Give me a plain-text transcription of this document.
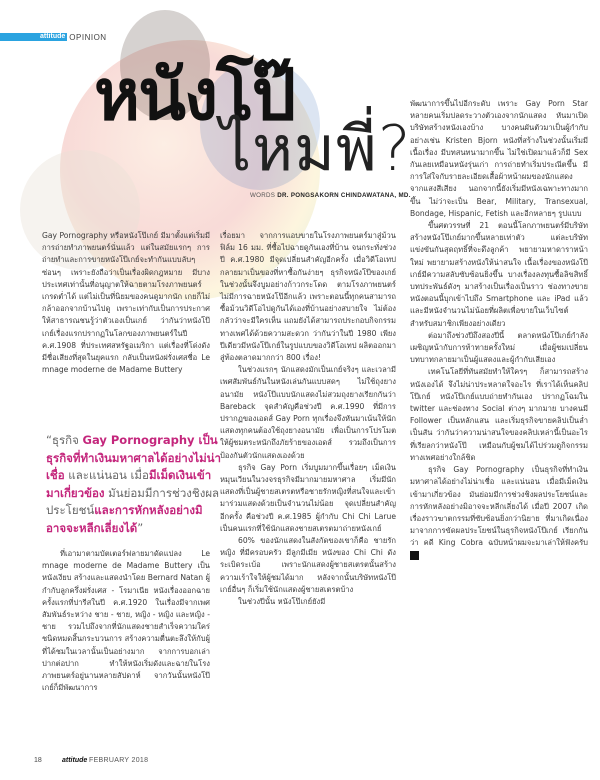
attitude OPINION
หนังโป๊
ไหมพี่?
WORDS DR. PONGSAKORN CHINDAWATANA, MD.

Gay Pornography หรือหนังโป๊เกย์ มีมาตั้งแต่เริ่มมีการถ่ายทำภาพยนตร์นั่นแล้ว แต่ในสมัยแรกๆ การถ่ายทำและการขายหนังโป๊เกย์จะทำกันแบบลับๆ ซ่อนๆ เพราะยังถือว่าเป็นเรื่องผิดกฎหมาย มีบางประเทศเท่านั้นที่อนุญาตให้ฉายตามโรงภาพยนตร์เกรดต่ำได้ แต่ไม่เป็นที่นิยมของคนดูมากนัก เกยก็ไม่กล้าออกจากบ้านไปดู เพราะเท่ากับเป็นการประกาศให้สาธารณชนรู้ว่าตัวเองเป็นเกย์ ว่ากันว่าหนังโป๊เกย์เรื่องแรกปรากฏในโลกของภาพยนตร์ในปี ค.ศ.1908 ที่ประเทศสหรัฐอเมริกา แต่เรื่องที่โด่งดังมีชื่อเสียงที่สุดในยุคแรก กลับเป็นหนังฝรั่งเศสชื่อ Le mnage moderne de Madame Buttery

“ธุรกิจ Gay Pornography เป็นธุรกิจที่ทำเงินมหาศาลได้อย่างไม่น่าเชื่อ และแน่นอน เมื่อมีเม็ดเงินเข้ามาเกี่ยวข้อง มันย่อมมีการช่วงชิงผลประโยชน์และการหักหลังอย่างมิอาจจะหลีกเลี่ยงได้”

ที่เอามาตามบัตเตอร์ฟลายมาดัดแปลง Le mnage moderne de Madame Buttery เป็นหนังเงียบ สร้างและแสดงนำโดย Bernard Natan ผู้กำกับลูกครึ่งฝรั่งเศส - โรมาเนีย หนังเรื่องออกฉายครั้งแรกที่ปารีสในปี ค.ศ.1920 ในเรื่องมีจากเพศสัมพันธ์ระหว่าง ชาย - ชาย, หญิง - หญิง และหญิง - ชาย รวมไปถึงจากที่นักแสดงชายสำเร็จความใคร่ชนิดหมดสิ้นกระบวนการ สร้างความตื่นตะลึงให้กับผู้ที่ได้ชมในเวลานั้นเป็นอย่างมาก จากการบอกเล่าปากต่อปาก ทำให้หนังเริ่มดังและฉายในโรงภาพยนตร์อยู่นานหลายสัปดาห์ จากวันนั้นหนังโป๊เกย์ก็มีพัฒนาการ

เรื่อยมา จากการแอบขายในโรงภาพยนตร์มาสู่ม้วนฟิล์ม 16 มม. ที่ซื้อไปฉายดูกันเองที่บ้าน จนกระทั่งช่วงปี ค.ศ.1980 มีจุดเปลี่ยนสำคัญอีกครั้ง เมื่อวิดีโอเทปกลายมาเป็นของที่หาซื้อกันง่ายๆ ธุรกิจหนังโป๊ของเกย์ในช่วงนั้นจึงบูมอย่างก้าวกระโดด ตามโรงภาพยนตร์ไม่มีการฉายหนังโป๊อีกแล้ว เพราะตอนนี้ทุกคนสามารถซื้อม้วนวิดีโอไปดูกันได้เองที่บ้านอย่างสบายใจ ไม่ต้องกลัวว่าจะมีใครเห็น แถมยังได้สามารถประกอบกิจกรรมทางเพศได้ด้วยความสะดวก ว่ากันว่าในปี 1980 เพียงปีเดียวมีหนังโป๊เกย์ในรูปแบบของวิดีโอเทป ผลิตออกมาสู่ท้องตลาดมากกว่า 800 เรื่อง!

ในช่วงแรกๆ นักแสดงมักเป็นเกย์จริงๆ และเวลามีเพศสัมพันธ์กันในหนังเล่นกันแบบสดๆ ไม่ใช้ถุงยางอนามัย หนังโป๊แบบนักแสดงไม่สวมถุงยางเรียกกันว่า Bareback จุดสำคัญคือช่วงปี ค.ศ.1990 ที่มีการปรากฏของเอดส์ Gay Porn ทุกเรื่องจึงหันมาเน้นให้นักแสดงทุกคนต้องใช้ถุงยางอนามัย เพื่อเป็นการโปรโมตให้ผู้ชมตระหนักถึงภัยร้ายของเอดส์ รวมถึงเป็นการป้องกันตัวนักแสดงเองด้วย

ธุรกิจ Gay Porn เริ่มบูมมากขึ้นเรื่อยๆ เม็ดเงินหมุนเวียนในวงจรธุรกิจมีมากมายมหาศาล เริ่มมีนักแสดงที่เป็นผู้ชายสเตรตหรือชายรักหญิงที่สนใจและเข้ามาร่วมแสดงด้วยเป็นจำนวนไม่น้อย จุดเปลี่ยนสำคัญอีกครั้ง คือช่วงปี ค.ศ.1985 ผู้กำกับ Chi Chi Larue เป็นคนแรกที่ใช้นักแสดงชายสเตรตมาถ่ายหนังเกย์

60% ของนักแสดงในสังกัดของเขาก็คือ ชายรักหญิง ที่มีครอบครัว มีลูกมีเมีย หนังของ Chi Chi ดังระเบิดระเบ้อ เพราะนักแสดงผู้ชายสเตรตนั้นสร้างความเร้าใจให้ผู้ชมได้มาก หลังจากนั้นบริษัทหนังโป๊เกย์อื่นๆ ก็เริ่มใช้นักแสดงผู้ชายสเตรตบ้าง

ในช่วงปีนั้น หนังโป๊เกย์ยังมี

พัฒนาการขึ้นไปอีกระดับ เพราะ Gay Porn Star หลายคนเริ่มปลดระวางตัวเองจากนักแสดง หันมาเปิดบริษัทสร้างหนังเองบ้าง บางคนผันตัวมาเป็นผู้กำกับ อย่างเช่น Kristen Bjorn หนังที่สร้างในช่วงนั้นเริ่มมีเนื้อเรื่อง มีบทสนทนามากขึ้น ไม่ใช่เปิดมาแล้วก็มี Sex กันเลยเหมือนหนังรุ่นเก่า การถ่ายทำเริ่มประณีตขึ้น มีการใส่ใจกับรายละเอียดเสื้อผ้าหน้าผมของนักแสดง จากแสงสีเสียง นอกจากนี้ยังเริ่มมีหนังเฉพาะทางมากขึ้น ไม่ว่าจะเป็น Bear, Military, Transexual, Bondage, Hispanic, Fetish และอีกหลายๆ รูปแบบ

ขึ้นศตวรรษที่ 21 ตอนนี้โลกภาพยนตร์มีบริษัทสร้างหนังโป๊เกย์มากขึ้นหลายเท่าตัว แต่ละบริษัทแข่งขันกันสุดฤทธิ์ที่จะดึงลูกค้า พยายามหาดาราหน้าใหม่ พยายามสร้างหนังให้น่าสนใจ เนื้อเรื่องของหนังโป๊เกย์มีความสลับซับซ้อนยิ่งขึ้น บางเรื่องลงทุนซื้อลิขสิทธิ์บทประพันธ์ดังๆ มาสร้างเป็นเรื่องเป็นราว ช่องทางขายหนังตอนนี้บุกเข้าไปถึง Smartphone และ iPad แล้ว และมีหนังจำนวนไม่น้อยที่ผลิตเพื่อขายในเว็บไซต์สำหรับสมาชิกเพียงอย่างเดียว

ต่อมาถึงช่วงปีถึงสองปีนี้ ตลาดหนังโป๊เกย์กำลังเผชิญหน้ากับการท้าทายครั้งใหม่ เมื่อผู้ชมเปลี่ยนบทบาทกลายมาเป็นผู้แสดงและผู้กำกับเสียเอง

เทคโนโลยีที่ทันสมัยทำให้ใครๆ ก็สามารถสร้างหนังเองได้ จึงไม่น่าประหลาดใจอะไร ที่เราได้เห็นคลิปโป๊เกย์ หนังโป๊เกย์แบบถ่ายทำกันเอง ปรากฏโฉมใน twitter และช่องทาง Social ต่างๆ มากมาย บางคนมี Follower เป็นหลักแสน และเริ่มธุรกิจขายคลิปเป็นล่ำเป็นสัน ว่ากันว่าความน่าสนใจของคลิปเหล่านี้เป็นอะไรที่เรียลกว่าหนังโป๊ เหมือนกับผู้ชมได้ไปร่วมดูกิจกรรมทางเพศอย่างใกล้ชิด

ธุรกิจ Gay Pornography เป็นธุรกิจที่ทำเงินมหาศาลได้อย่างไม่น่าเชื่อ และแน่นอน เมื่อมีเม็ดเงินเข้ามาเกี่ยวข้อง มันย่อมมีการช่วงชิงผลประโยชน์และการหักหลังอย่างมิอาจจะหลีกเลี่ยงได้ เมื่อปี 2007 เกิดเรื่องราวฆาตกรรมที่ซับซ้อนยิ่งกว่านิยาย ที่มาเกิดเนื่องมาจากการขัดผลประโยชน์ในธุรกิจหนังโป๊เกย์ เรียกกันว่า คดี King Cobra ฉบับหน้าผมจะมาเล่าให้ฟังครับ a

18	attitude FEBRUARY 2018
